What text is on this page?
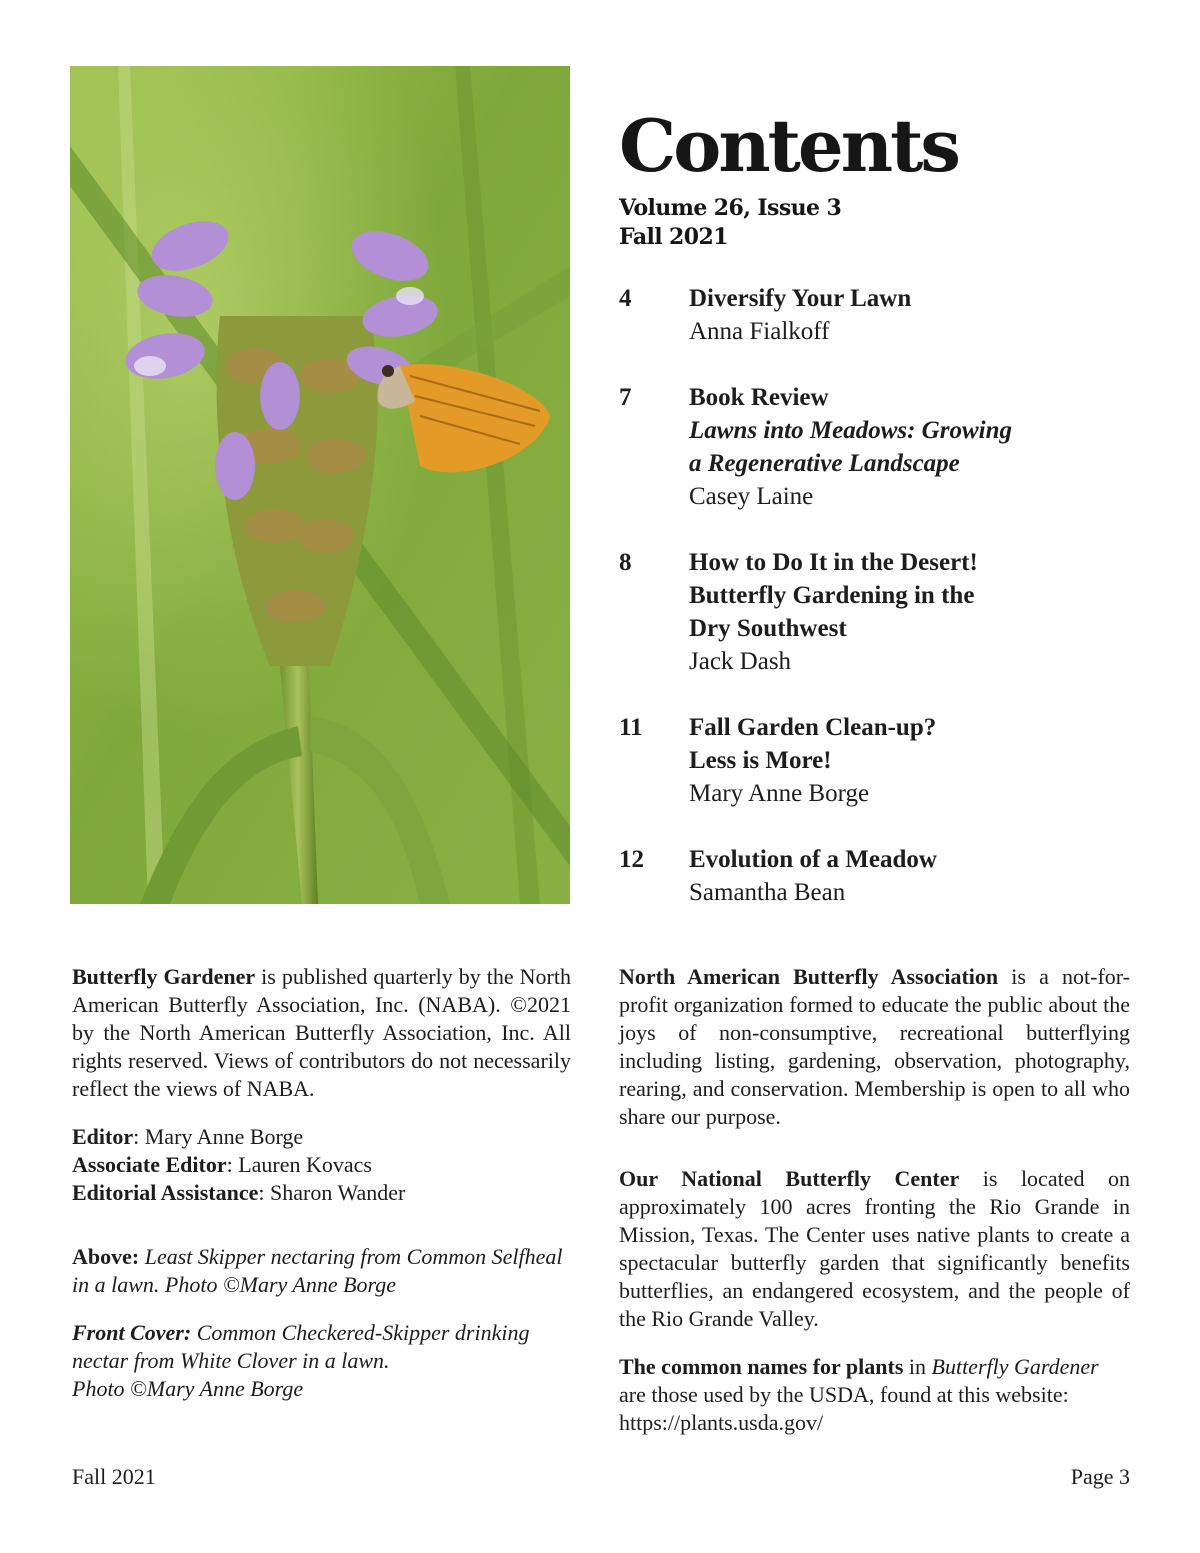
Contents
Volume 26, Issue 3
Fall 2021
4	Diversify Your Lawn
Anna Fialkoff
7	Book Review
Lawns into Meadows: Growing
a Regenerative Landscape
Casey Laine
8	How to Do It in the Desert!
Butterfly Gardening in the
Dry Southwest
Jack Dash
11	Fall Garden Clean-up?
Less is More!
Mary Anne Borge
12	Evolution of a Meadow
Samantha Bean

Butterfly Gardener is published quarterly by the North American Butterfly Association, Inc. (NABA). ©2021 by the North American Butterfly Association, Inc. All rights reserved. Views of contributors do not necessarily reflect the views of NABA.

Editor: Mary Anne Borge
Associate Editor: Lauren Kovacs
Editorial Assistance: Sharon Wander

Above: Least Skipper nectaring from Common Selfheal in a lawn. Photo ©Mary Anne Borge

Front Cover: Common Checkered-Skipper drinking nectar from White Clover in a lawn.
Photo ©Mary Anne Borge

North American Butterfly Association is a not-for-profit organization formed to educate the public about the joys of non-consumptive, recreational butterflying including listing, gardening, observation, photography, rearing, and conservation. Membership is open to all who share our purpose.

Our National Butterfly Center is located on approximately 100 acres fronting the Rio Grande in Mission, Texas. The Center uses native plants to create a spectacular butterfly garden that significantly benefits butterflies, an endangered ecosystem, and the people of the Rio Grande Valley.

The common names for plants in Butterfly Gardener are those used by the USDA, found at this website: https://plants.usda.gov/

Fall 2021	Page 3
